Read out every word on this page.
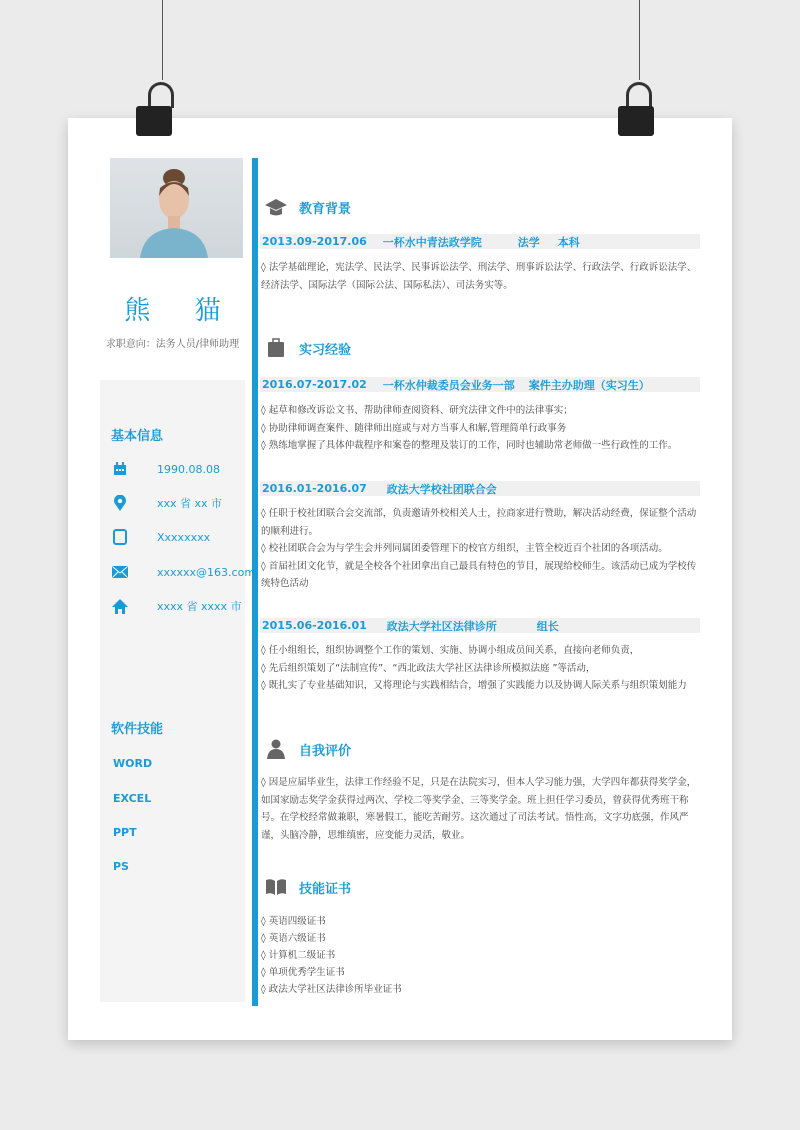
熊 猫
求职意向：法务人员/律师助理
基本信息
1990.08.08
xxx 省 xx 市
Xxxxxxxx
xxxxxx@163.com
xxxx 省 xxxx 市
软件技能
WORD
EXCEL
PPT
PS
教育背景
2013.09-2017.06 一杯水中青法政学院	法学 本科

◊ 法学基础理论，宪法学、民法学、民事诉讼法学、刑法学、刑事诉讼法学、行政法学、行政诉讼法学、经济法学、国际法学（国际公法、国际私法）、司法务实等。

实习经验
2016.07-2017.02 一杯水仲裁委员会业务一部 案件主办助理（实习生）

◊ 起草和修改诉讼文书、帮助律师查阅资料、研究法律文件中的法律事实；

◊ 协助律师调查案件、随律师出庭或与对方当事人和解,管理简单行政事务

◊ 熟练地掌握了具体仲裁程序和案卷的整理及装订的工作，同时也辅助常老师做一些行政性的工作。

2016.01-2016.07 政法大学校社团联合会

◊ 任职于校社团联合会交流部，负责邀请外校相关人士，拉商家进行赞助，解决活动经费，保证整个活动的顺利进行。

◊ 校社团联合会为与学生会并列同属团委管理下的校官方组织，主管全校近百个社团的各项活动。

◊ 首届社团文化节，就是全校各个社团拿出自己最具有特色的节目，展现给校师生。该活动已成为学校传统特色活动

2015.06-2016.01 政法大学社区法律诊所	组长

◊ 任小组组长，组织协调整个工作的策划、实施、协调小组成员间关系，直接向老师负责，

◊ 先后组织策划了“法制宣传”、“西北政法大学社区法律诊所模拟法庭 ”等活动，

◊ 既扎实了专业基础知识，又将理论与实践相结合，增强了实践能力以及协调人际关系与组织策划能力

自我评价

◊ 因是应届毕业生，法律工作经验不足，只是在法院实习，但本人学习能力强，大学四年都获得奖学金，如国家励志奖学金获得过两次、学校二等奖学金、三等奖学金。班上担任学习委员，曾获得优秀班干称号。在学校经常做兼职，寒暑假工，能吃苦耐劳。这次通过了司法考试。悟性高，文字功底强，作风严谨，头脑冷静，思维缜密，应变能力灵活，敬业。

技能证书

◊ 英语四级证书

◊ 英语六级证书

◊ 计算机二级证书

◊ 单项优秀学生证书

◊ 政法大学社区法律诊所毕业证书
